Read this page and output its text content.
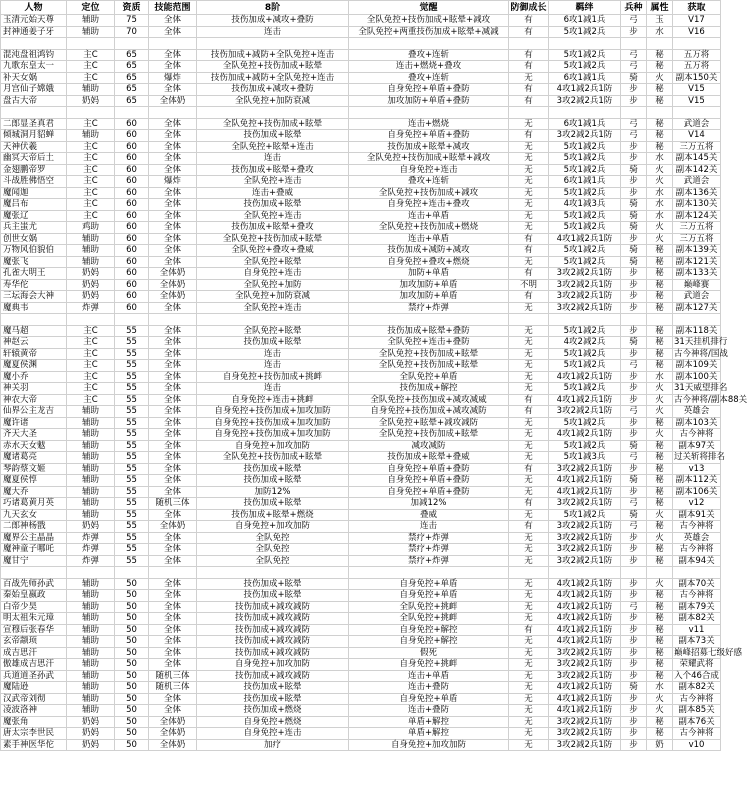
人物	定位	资质	技能范围	8阶	觉醒	防御成长	羁绊	兵种	属性	获取
玉清元始天尊	辅助	75	全体	技伤加成+减攻+叠防	全队免控+技伤加成+眩晕+减攻	有	6攻1减1兵	弓	玉	V17
封神通姜子牙	辅助	70	全体	连击	全队免控+两重技伤加成+眩晕+减减	有	5攻1减2兵	步	水	V16

混沌盘祖鸿钧	主C	65	全体	技伤加成+减防+全队免控+连击	叠攻+连斩	有	5攻1减2兵	弓	秘	五万将
九歌东皇太一	主C	65	全体	全队免控+技伤加成+眩晕	连击+燃烧+叠攻	有	5攻1减2兵	弓	秘	五万将
补天女娲	主C	65	爆炸	技伤加成+减防+全队免控+连击	叠攻+连斩	无	6攻1减1兵	骑	火	副本150关
月宫仙子嫦娥	辅助	65	全体	技伤加成+减攻+叠防	自身免控+单盾+叠防	有	4攻1减2兵1防	步	秘	V15
盘古大帝	奶妈	65	全体奶	全队免控+加防衰减	加攻加防+单盾+叠防	有	3攻2减2兵1防	步	秘	V15

二郎显圣真君	主C	60	全体	全队免控+技伤加成+眩晕	连击+燃烧	无	6攻1减1兵	弓	秘	武道会
倾城洞月貂蝉	辅助	60	全体	技伤加成+眩晕	自身免控+单盾+叠防	有	3攻2减2兵1防	弓	秘	V14
天神伏羲	主C	60	全体	全队免控+眩晕+连击	技伤加成+眩晕+减攻	无	5攻1减2兵	步	秘	三万五将
幽冥天帝后土	主C	60	全体	连击	全队免控+技伤加成+眩晕+减攻	无	5攻1减2兵	步	水	副本145关
金翅鹏帝罗	主C	60	全体	技伤加成+眩晕+叠攻	自身免控+连击	无	5攻1减2兵	骑	火	副本142关
斗战胜佛悟空	主C	60	爆炸	全队免控+连击	叠攻+连斩	无	6攻1减1兵	步	火	武道会
魔闻迦	主C	60	全体	连击+叠威	全队免控+技伤加成+减攻	无	5攻1减2兵	步	水	副本136关
魔吕布	主C	60	全体	技伤加成+眩晕	自身免控+连击+叠攻	无	4攻1减3兵	骑	水	副本130关
魔张辽	主C	60	全体	全队免控+连击	连击+单盾	无	5攻1减2兵	骑	水	副本124关
兵主蚩尤	鸡助	60	全体	技伤加成+眩晕+叠攻	全队免控+技伤加成+燃烧	无	5攻1减2兵	骑	火	三万五将
创世女娲	辅助	60	全体	全队免控+技伤加成+眩晕	连击+单盾	有	4攻1减2兵1防	步	火	三万五将
万物风伯貌伯	辅助	60	全体	全队免控+叠攻+叠威	技伤加成+减防+减攻	有	5攻1减2兵	骑	秘	副本139关
魔张飞	辅助	60	全体	全队免控+眩晕	自身免控+叠攻+燃烧	无	5攻1减2兵	骑	秘	副本121关
孔雀大明王	奶妈	60	全体奶	自身免控+连击	加防+单盾	有	3攻2减2兵1防	步	秘	副本133关
寿华佗	奶妈	60	全体奶	全队免控+加防	加攻加防+单盾	不明	3攻2减2兵1防	步	秘	巅峰赛
三坛海会大神	奶妈	60	全体奶	全队免控+加防衰减	加攻加防+单盾	有	3攻2减2兵1防	步	秘	武道会
魔典韦	炸弹	60	全体	全队免控+连击	禁疗+炸弹	无	3攻2减2兵1防	步	秘	副本127关

魔马超	主C	55	全体	全队免控+眩晕	技伤加成+眩晕+叠防	无	5攻1减2兵	步	秘	副本118关
神赵云	主C	55	全体	技伤加成+眩晕	全队免控+连击+叠防	无	4攻2减2兵	骑	秘	31天挂机排行
轩辕黄帝	主C	55	全体	连击	全队免控+技伤加成+眩晕	无	5攻1减2兵	步	秘	古今神将/国战
魔夏侯渊	主C	55	全体	连击	全队免控+技伤加成+眩晕	无	5攻1减2兵	弓	秘	副本109关
魔小乔	主C	55	全体	自身免控+技伤加成+挑衅	全队免控+单盾	无	4攻1减2兵1防	步	水	副本100关
神关羽	主C	55	全体	连击	技伤加成+解控	无	5攻1减2兵	步	火	31天威望排名
神农大帝	主C	55	全体	自身免控+连击+挑衅	全队免控+技伤加成+减攻减威	有	4攻1减2兵1防	步	火	古今神将/副本88关
仙界公主龙吉	辅助	55	全体	自身免控+技伤加成+加攻加防	自身免控+技伤加成+减攻减防	有	3攻2减2兵1防	弓	火	英雄会
魔许诸	辅助	55	全体	自身免控+技伤加成+加攻加防	全队免控+眩晕+减攻减防	无	5攻1减2兵	步	秘	副本103关
齐天大圣	辅助	55	全体	自身免控+技伤加成+加攻加防	全队免控+技伤加成+眩晕	无	4攻1减2兵1防	步	火	古今神将
赤水天女魃	辅助	55	全体	自身免控+加攻加防	减攻减防	无	5攻1减2兵	骑	秘	副本97关
魔诸葛亮	辅助	55	全体	全队免控+技伤加成+眩晕	技伤加成+眩晕+叠威	无	5攻1减3兵	弓	秘	过关斩将排名
琴韵蔡文姬	辅助	55	全体	技伤加成+眩晕	自身免控+单盾+叠防	有	3攻2减2兵1防	步	秘	v13
魔夏侯惇	辅助	55	全体	技伤加成+眩晕	自身免控+单盾+叠防	无	4攻1减2兵1防	骑	秘	副本112关
魔大乔	辅助	55	全体	加防12%	自身免控+单盾+叠防	无	4攻1减2兵1防	步	秘	副本106关
巧诸葛黄月英	辅助	55	随机三体	技伤加成+眩晕	加减12%	有	3攻2减2兵1防	弓	秘	v12
九天玄女	辅助	55	全体	技伤加成+眩晕+燃烧	叠威	无	5攻1减2兵	骑	火	副本91关
二郎神杨戬	奶妈	55	全体奶	自身免控+加攻加防	连击	有	3攻2减2兵1防	弓	秘	古今神将
魔界公主晶晶	炸弹	55	全体	全队免控	禁疗+炸弹	无	3攻2减2兵1防	步	火	英雄会
魔神童子哪吒	炸弹	55	全体	全队免控	禁疗+炸弹	无	3攻2减2兵1防	步	秘	古今神将
魔甘宁	炸弹	55	全体	全队免控	禁疗+炸弹	无	3攻2减2兵1防	步	秘	副本94关

百战先师孙武	辅助	50	全体	技伤加成+眩晕	自身免控+单盾	无	4攻1减2兵1防	步	火	副本70关
秦始皇嬴政	辅助	50	全体	技伤加成+眩晕	自身免控+单盾	无	4攻1减2兵1防	步	秘	古今神将
白帝少昊	辅助	50	全体	技伤加成+减攻减防	全队免控+挑衅	无	4攻1减2兵1防	弓	秘	副本79关
明太祖朱元璋	辅助	50	全体	技伤加成+减攻减防	全队免控+挑衅	无	4攻1减2兵1防	步	秘	副本82关
宣穆后张春华	辅助	50	全体	技伤加成+减攻减防	自身免控+解控	有	4攻1减2兵1防	步	秘	v11
玄帝颛顼	辅助	50	全体	技伤加成+减攻减防	自身免控+解控	无	4攻1减2兵1防	步	秘	副本73关
成吉思汗	辅助	50	全体	技伤加成+减攻减防	假死	无	3攻2减2兵1防	步	秘	巅峰招募七级好感
傲雄成吉思汗	辅助	50	全体	自身免控+加攻加防	自身免控+挑衅	无	3攻2减2兵1防	步	秘	荣耀武将
兵道道圣孙武	辅助	50	随机三体	技伤加成+减攻减防	连击+单盾	无	3攻2减2兵1防	步	秘	入个46合成
魔陆逊	辅助	50	随机三体	技伤加成+眩晕	连击+叠防	无	4攻1减2兵1防	骑	水	副本82关
汉武帝刘彻	辅助	50	全体	技伤加成+眩晕	自身免控+单盾	无	4攻1减2兵1防	步	火	古今神将
凌波洛神	辅助	50	全体	技伤加成+燃烧	连击+叠防	无	4攻1减2兵1防	步	火	副本85关
魔张角	奶妈	50	全体奶	自身免控+燃烧	单盾+解控	无	3攻2减2兵1防	步	秘	副本76关
唐太宗李世民	奶妈	50	全体奶	自身免控+连击	单盾+解控	无	3攻2减2兵1防	步	秘	古今神将
素手神医华佗	奶妈	50	全体奶	加疗	自身免控+加攻加防	无	3攻2减2兵1防	步	奶	v10
